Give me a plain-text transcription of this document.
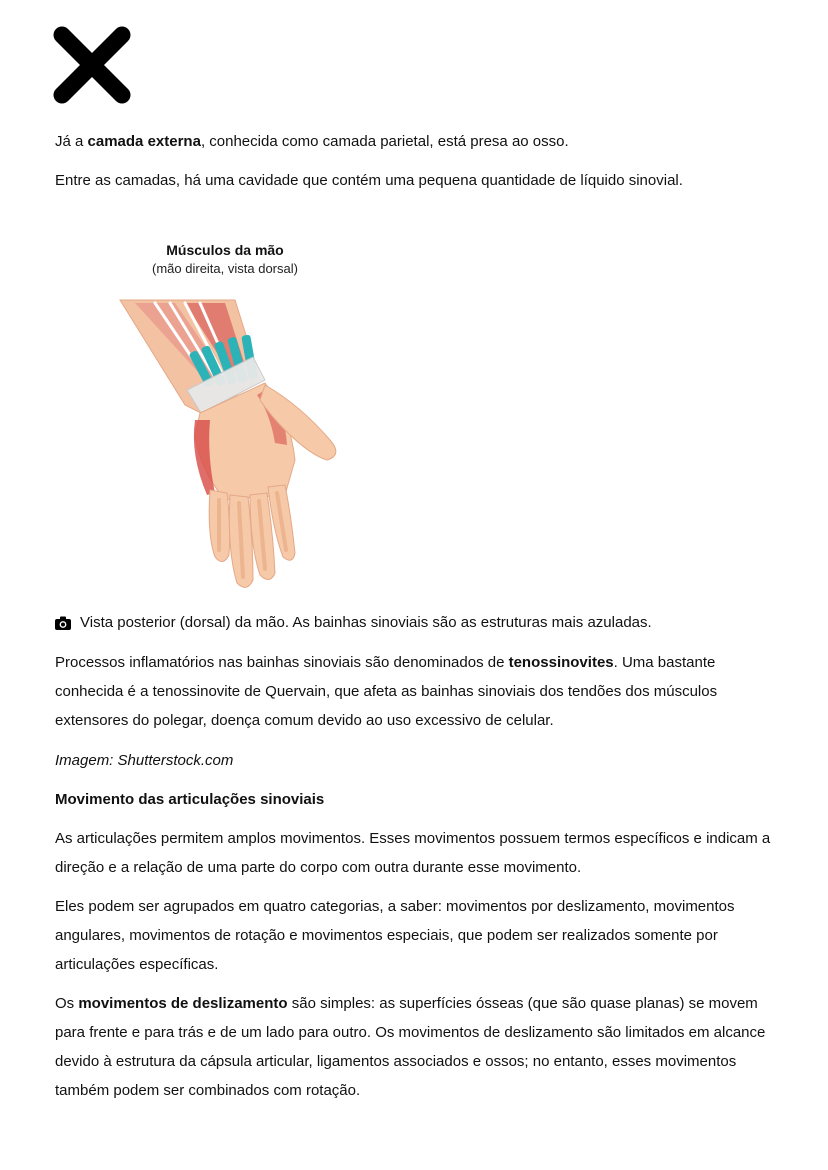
Já a camada externa, conhecida como camada parietal, está presa ao osso.

Entre as camadas, há uma cavidade que contém uma pequena quantidade de líquido sinovial.

Músculos da mão
(mão direita, vista dorsal)

Vista posterior (dorsal) da mão. As bainhas sinoviais são as estruturas mais azuladas.

Processos inflamatórios nas bainhas sinoviais são denominados de tenossinovites. Uma bastante conhecida é a tenossinovite de Quervain, que afeta as bainhas sinoviais dos tendões dos músculos extensores do polegar, doença comum devido ao uso excessivo de celular.

Imagem: Shutterstock.com

Movimento das articulações sinoviais

As articulações permitem amplos movimentos. Esses movimentos possuem termos específicos e indicam a direção e a relação de uma parte do corpo com outra durante esse movimento.

Eles podem ser agrupados em quatro categorias, a saber: movimentos por deslizamento, movimentos angulares, movimentos de rotação e movimentos especiais, que podem ser realizados somente por articulações específicas.

Os movimentos de deslizamento são simples: as superfícies ósseas (que são quase planas) se movem para frente e para trás e de um lado para outro. Os movimentos de deslizamento são limitados em alcance devido à estrutura da cápsula articular, ligamentos associados e ossos; no entanto, esses movimentos também podem ser combinados com rotação.
